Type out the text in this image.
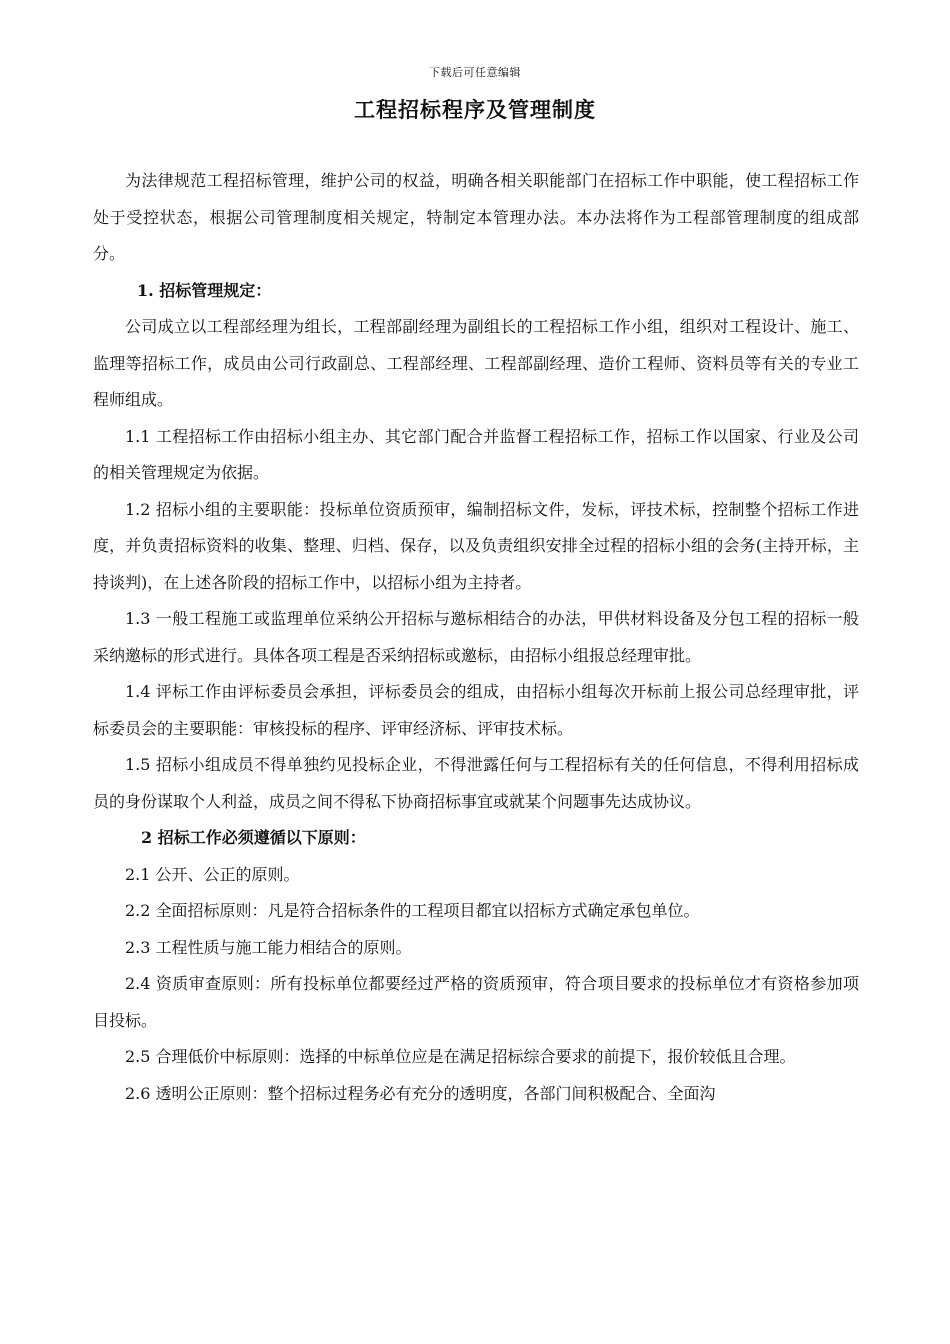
下载后可任意编辑
工程招标程序及管理制度

为法律规范工程招标管理，维护公司的权益，明确各相关职能部门在招标工作中职能，使工程招标工作处于受控状态，根据公司管理制度相关规定，特制定本管理办法。本办法将作为工程部管理制度的组成部分。

1. 招标管理规定：

公司成立以工程部经理为组长，工程部副经理为副组长的工程招标工作小组，组织对工程设计、施工、监理等招标工作，成员由公司行政副总、工程部经理、工程部副经理、造价工程师、资料员等有关的专业工程师组成。

1.1 工程招标工作由招标小组主办、其它部门配合并监督工程招标工作，招标工作以国家、行业及公司的相关管理规定为依据。

1.2 招标小组的主要职能：投标单位资质预审，编制招标文件，发标，评技术标，控制整个招标工作进度，并负责招标资料的收集、整理、归档、保存，以及负责组织安排全过程的招标小组的会务(主持开标，主持谈判)，在上述各阶段的招标工作中，以招标小组为主持者。

1.3 一般工程施工或监理单位采纳公开招标与邀标相结合的办法，甲供材料设备及分包工程的招标一般采纳邀标的形式进行。具体各项工程是否采纳招标或邀标，由招标小组报总经理审批。

1.4 评标工作由评标委员会承担，评标委员会的组成，由招标小组每次开标前上报公司总经理审批，评标委员会的主要职能：审核投标的程序、评审经济标、评审技术标。

1.5 招标小组成员不得单独约见投标企业，不得泄露任何与工程招标有关的任何信息，不得利用招标成员的身份谋取个人利益，成员之间不得私下协商招标事宜或就某个问题事先达成协议。

2 招标工作必须遵循以下原则：

2.1 公开、公正的原则。

2.2 全面招标原则：凡是符合招标条件的工程项目都宜以招标方式确定承包单位。

2.3 工程性质与施工能力相结合的原则。

2.4 资质审查原则：所有投标单位都要经过严格的资质预审，符合项目要求的投标单位才有资格参加项目投标。

2.5 合理低价中标原则：选择的中标单位应是在满足招标综合要求的前提下，报价较低且合理。

2.6 透明公正原则：整个招标过程务必有充分的透明度，各部门间积极配合、全面沟
